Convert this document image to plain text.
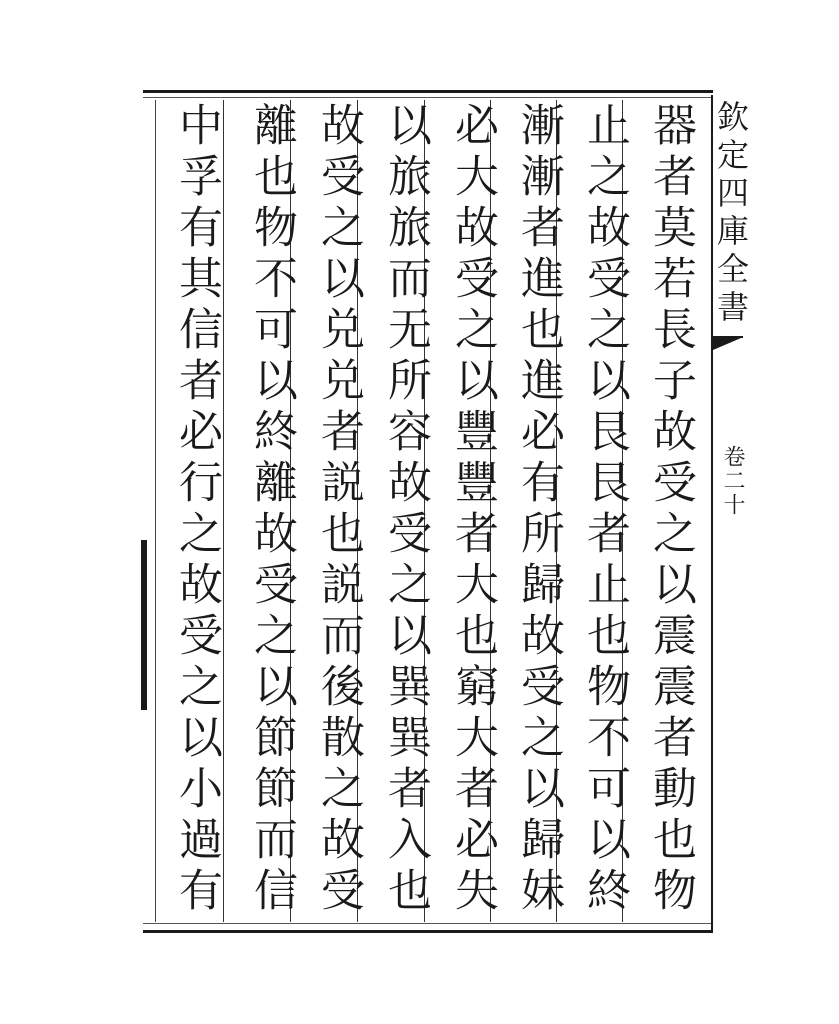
器者莫若長子故受之以震震者動也物
止之故受之以艮艮者止也物不可以終
漸漸者進也進必有所歸故受之以歸妹
必大故受之以豐豐者大也窮大者必失
以旅旅而无所容故受之以巽巽者入也
故受之以兑兑者説也説而後散之故受
離也物不可以終離故受之以節節而信
中孚有其信者必行之故受之以小過有
欽定四庫全書
卷二十
